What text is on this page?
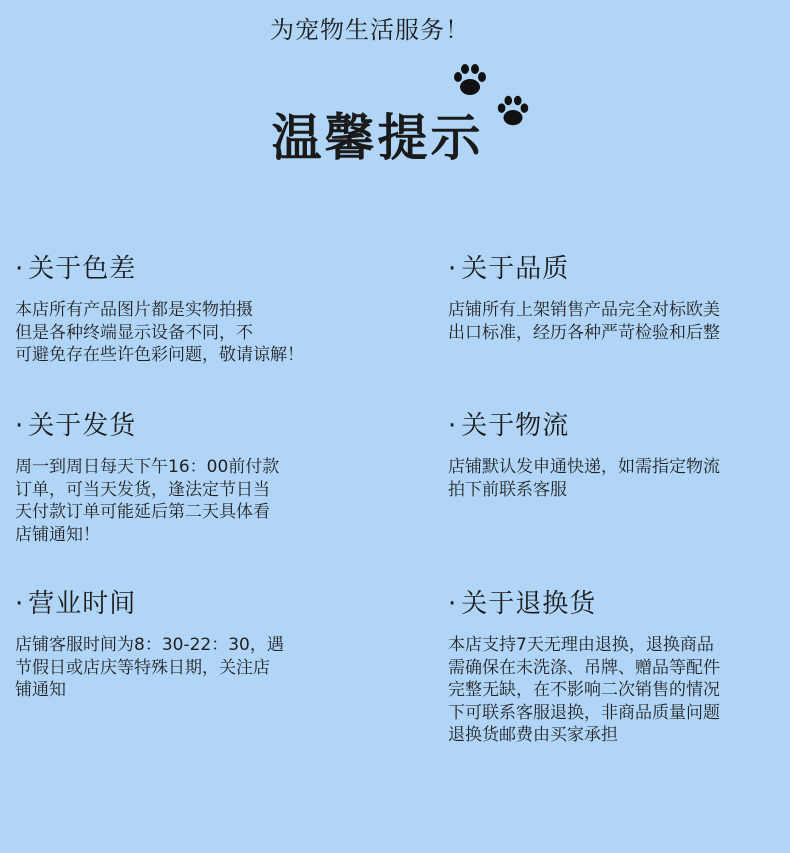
为宠物生活服务！
温馨提示
· 关于色差

本店所有产品图片都是实物拍摄
但是各种终端显示设备不同，不
可避免存在些许色彩问题，敬请谅解！

· 关于品质

店铺所有上架销售产品完全对标欧美
出口标准，经历各种严苛检验和后整

· 关于发货

周一到周日每天下午16：00前付款
订单，可当天发货，逢法定节日当
天付款订单可能延后第二天具体看
店铺通知！

· 关于物流

店铺默认发申通快递，如需指定物流
拍下前联系客服

· 营业时间

店铺客服时间为8：30-22：30，遇
节假日或店庆等特殊日期，关注店
铺通知

· 关于退换货

本店支持7天无理由退换，退换商品
需确保在未洗涤、吊牌、赠品等配件
完整无缺，在不影响二次销售的情况
下可联系客服退换，非商品质量问题
退换货邮费由买家承担
